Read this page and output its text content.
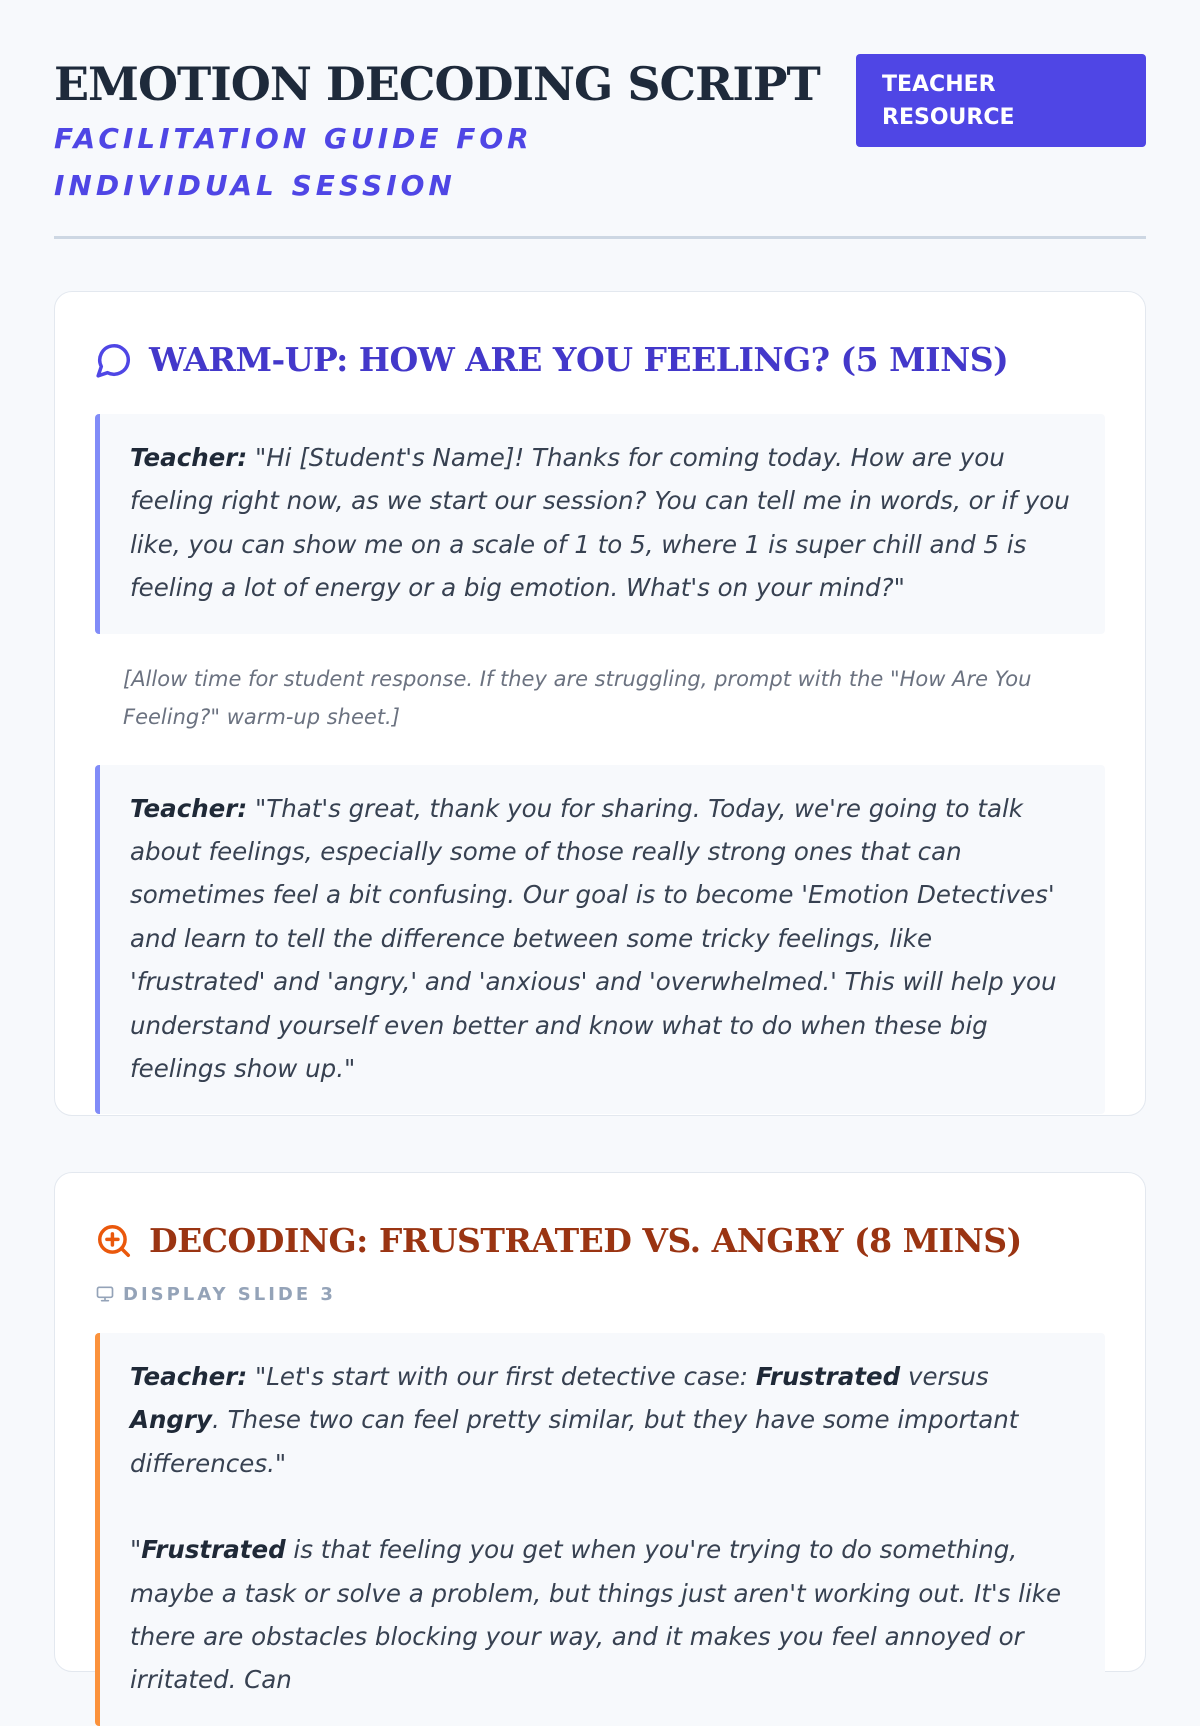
EMOTION DECODING SCRIPT

FACILITATION GUIDE FOR INDIVIDUAL SESSION

TEACHER RESOURCE
WARM-UP: HOW ARE YOU FEELING? (5 MINS)
Teacher: "Hi [Student's Name]! Thanks for coming today. How are you feeling right now, as we start our session? You can tell me in words, or if you like, you can show me on a scale of 1 to 5, where 1 is super chill and 5 is feeling a lot of energy or a big emotion. What's on your mind?"
[Allow time for student response. If they are struggling, prompt with the "How Are You Feeling?" warm-up sheet.]
Teacher: "That's great, thank you for sharing. Today, we're going to talk about feelings, especially some of those really strong ones that can sometimes feel a bit confusing. Our goal is to become 'Emotion Detectives' and learn to tell the difference between some tricky feelings, like 'frustrated' and 'angry,' and 'anxious' and 'overwhelmed.' This will help you understand yourself even better and know what to do when these big feelings show up."
DECODING: FRUSTRATED VS. ANGRY (8 MINS)
DISPLAY SLIDE 3
Teacher: "Let's start with our first detective case: Frustrated versus Angry. These two can feel pretty similar, but they have some important differences."
"Frustrated is that feeling you get when you're trying to do something, maybe a task or solve a problem, but things just aren't working out. It's like there are obstacles blocking your way, and it makes you feel annoyed or irritated. Can
